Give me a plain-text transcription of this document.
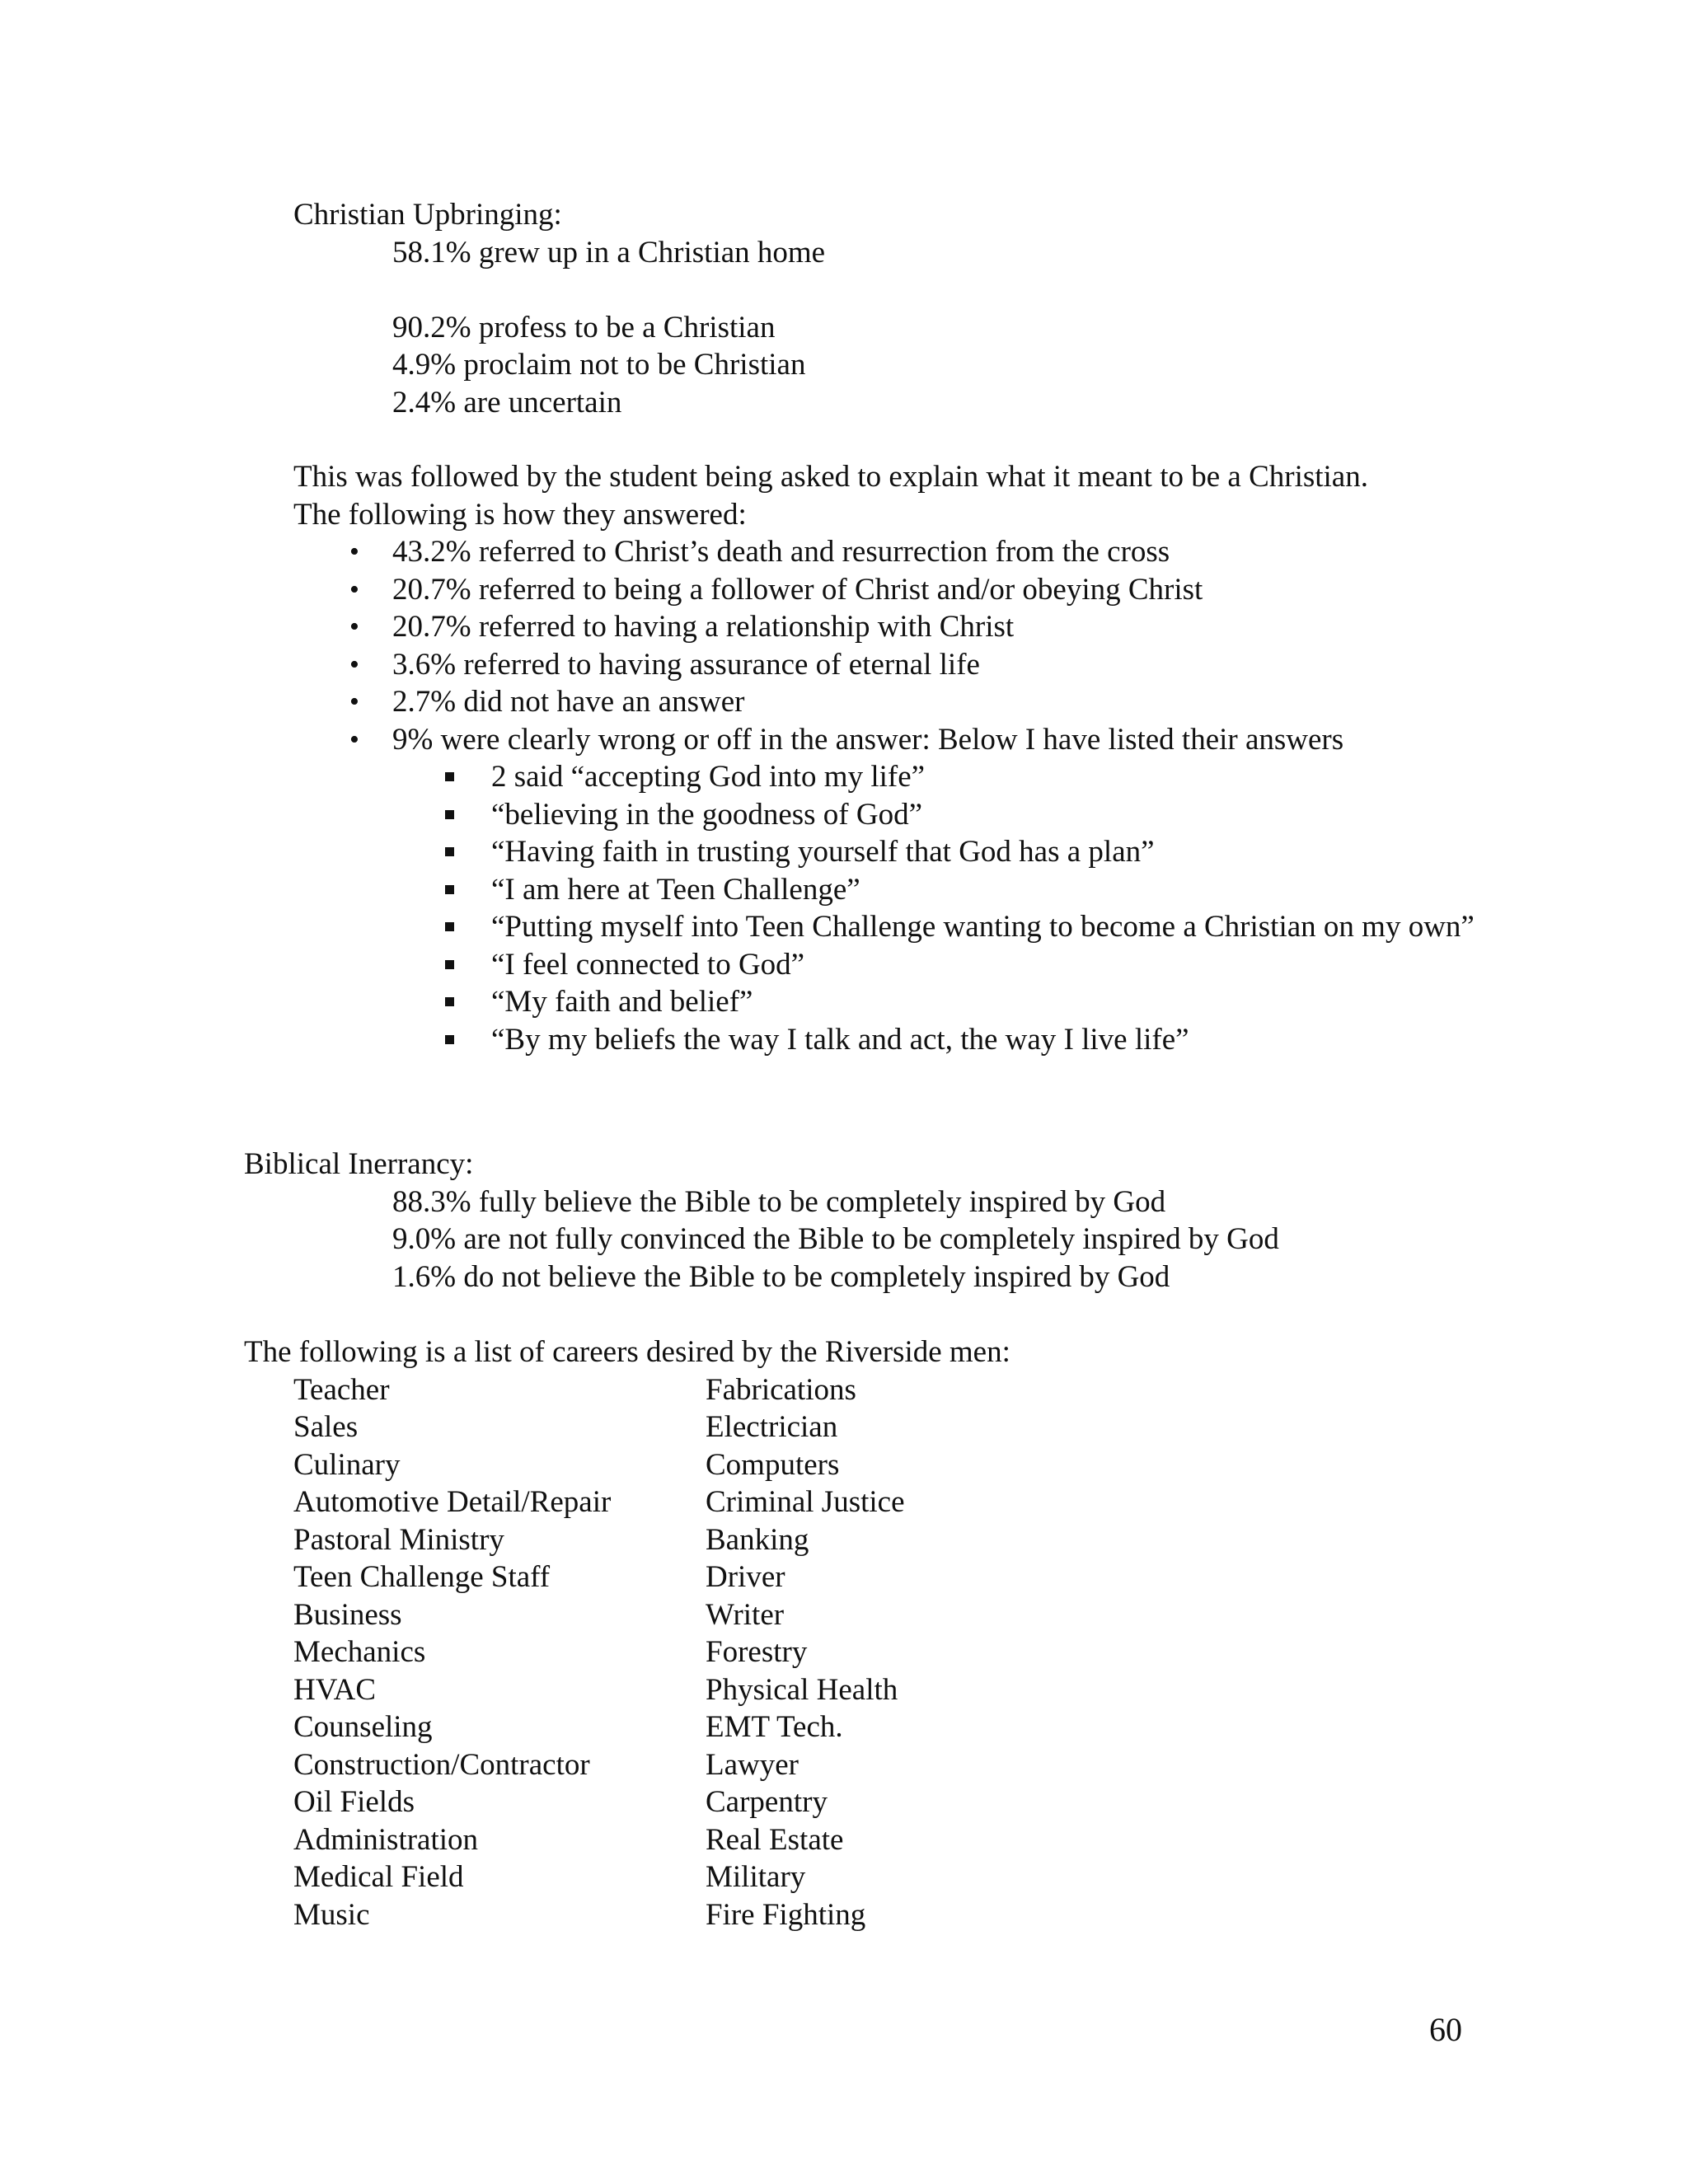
Christian Upbringing:
58.1% grew up in a Christian home
90.2% profess to be a Christian
4.9% proclaim not to be Christian
2.4% are uncertain
This was followed by the student being asked to explain what it meant to be a Christian.
The following is how they answered:
• 43.2% referred to Christ’s death and resurrection from the cross
• 20.7% referred to being a follower of Christ and/or obeying Christ
• 20.7% referred to having a relationship with Christ
• 3.6% referred to having assurance of eternal life
• 2.7% did not have an answer
• 9% were clearly wrong or off in the answer: Below I have listed their answers
2 said “accepting God into my life”
“believing in the goodness of God”
“Having faith in trusting yourself that God has a plan”
“I am here at Teen Challenge”
“Putting myself into Teen Challenge wanting to become a Christian on my own”
“I feel connected to God”
“My faith and belief”
“By my beliefs the way I talk and act, the way I live life”
Biblical Inerrancy:
88.3% fully believe the Bible to be completely inspired by God
9.0% are not fully convinced the Bible to be completely inspired by God
1.6% do not believe the Bible to be completely inspired by God
The following is a list of careers desired by the Riverside men:
Teacher	Fabrications
Sales	Electrician
Culinary	Computers
Automotive Detail/Repair	Criminal Justice
Pastoral Ministry	Banking
Teen Challenge Staff	Driver
Business	Writer
Mechanics	Forestry
HVAC	Physical Health
Counseling	EMT Tech.
Construction/Contractor	Lawyer
Oil Fields	Carpentry
Administration	Real Estate
Medical Field	Military
Music	Fire Fighting
60
